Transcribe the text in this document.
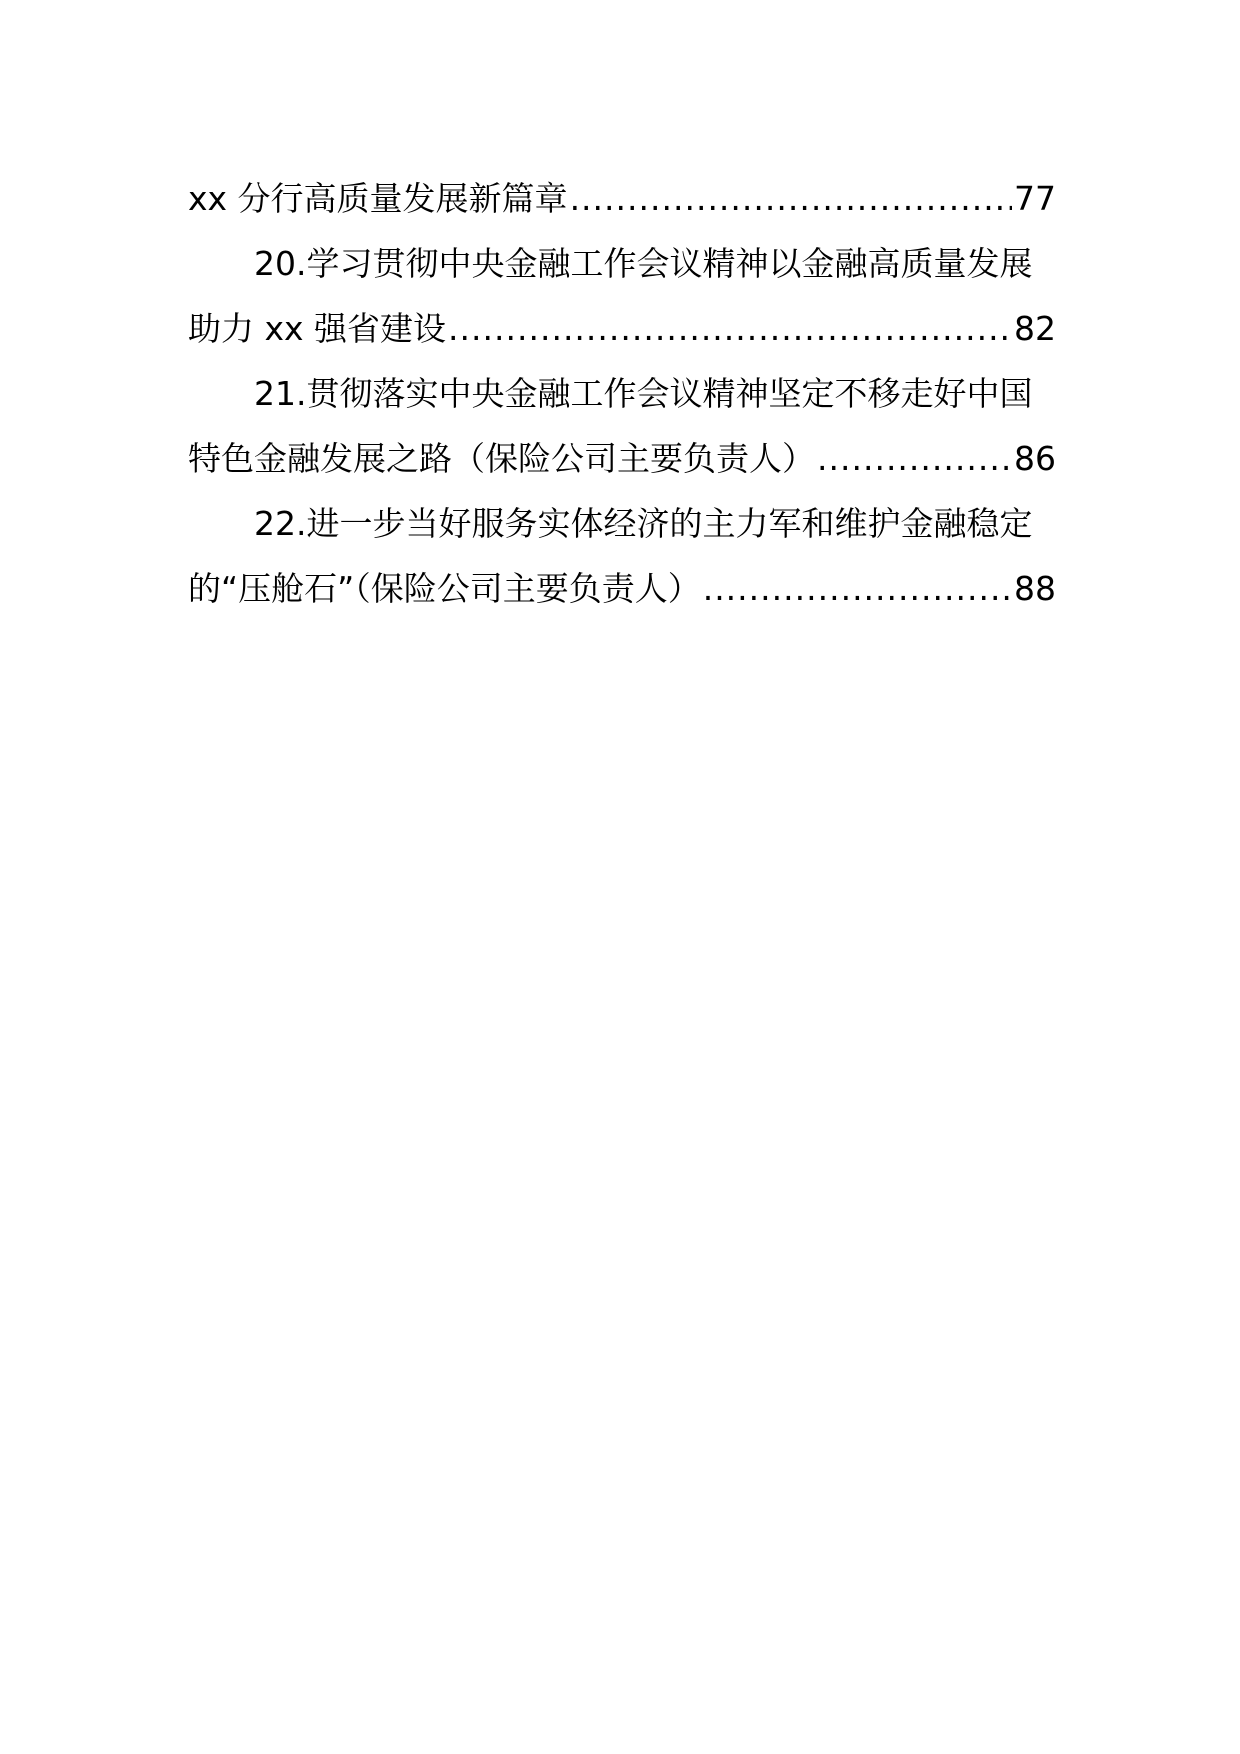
xx 分行高质量发展新篇章 .....	77
20.学习贯彻中央金融工作会议精神以金融高质量发展
助力 xx 强省建设 .....	82
21.贯彻落实中央金融工作会议精神坚定不移走好中国
特色金融发展之路（保险公司主要负责人） .....	86
22.进一步当好服务实体经济的主力军和维护金融稳定
的“压舱石”（保险公司主要负责人） .....	88
